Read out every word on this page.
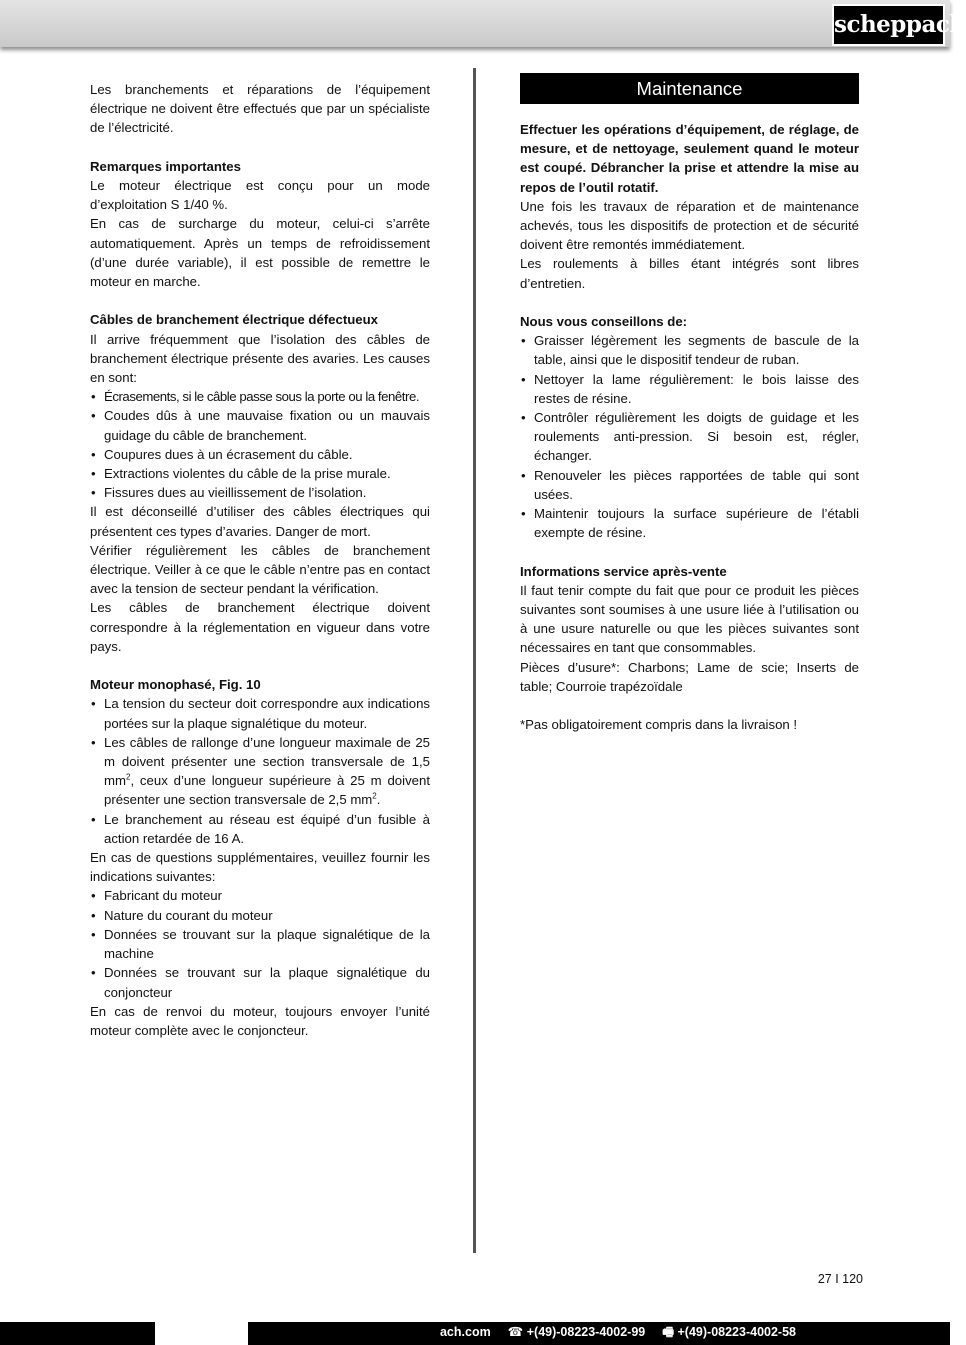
scheppach

Les branchements et réparations de l’équipement électrique ne doivent être effectués que par un spécialiste de l’électricité.

Remarques importantes

Le moteur électrique est conçu pour un mode d’exploitation S 1/40 %.

En cas de surcharge du moteur, celui-ci s’arrête automatiquement. Après un temps de refroidissement (d’une durée variable), il est possible de remettre le moteur en marche.

Câbles de branchement électrique défectueux

Il arrive fréquemment que l’isolation des câbles de branchement électrique présente des avaries. Les causes en sont:

• Écrasements, si le câble passe sous la porte ou la fenêtre.
• Coudes dûs à une mauvaise fixation ou un mauvais guidage du câble de branchement.
• Coupures dues à un écrasement du câble.
• Extractions violentes du câble de la prise murale.
• Fissures dues au vieillissement de l’isolation.

Il est déconseillé d’utiliser des câbles électriques qui présentent ces types d’avaries. Danger de mort.

Vérifier régulièrement les câbles de branchement électrique. Veiller à ce que le câble n’entre pas en contact avec la tension de secteur pendant la vérification.

Les câbles de branchement électrique doivent correspondre à la réglementation en vigueur dans votre pays.

Moteur monophasé, Fig. 10

• La tension du secteur doit correspondre aux indications portées sur la plaque signalétique du moteur.
• Les câbles de rallonge d’une longueur maximale de 25 m doivent présenter une section transversale de 1,5 $mm^2$, ceux d’une longueur supérieure à 25 m doivent présenter une section transversale de 2,5 $mm^2$.
• Le branchement au réseau est équipé d’un fusible à action retardée de 16 A.

En cas de questions supplémentaires, veuillez fournir les indications suivantes:

• Fabricant du moteur
• Nature du courant du moteur
• Données se trouvant sur la plaque signalétique de la machine
• Données se trouvant sur la plaque signalétique du conjoncteur

En cas de renvoi du moteur, toujours envoyer l’unité moteur complète avec le conjoncteur.

Maintenance

Effectuer les opérations d’équipement, de réglage, de mesure, et de nettoyage, seulement quand le moteur est coupé. Débrancher la prise et attendre la mise au repos de l’outil rotatif.

Une fois les travaux de réparation et de maintenance achevés, tous les dispositifs de protection et de sécurité doivent être remontés immédiatement.

Les roulements à billes étant intégrés sont libres d’entretien.

Nous vous conseillons de:

• Graisser légèrement les segments de bascule de la table, ainsi que le dispositif tendeur de ruban.
• Nettoyer la lame régulièrement: le bois laisse des restes de résine.
• Contrôler régulièrement les doigts de guidage et les roulements anti-pression. Si besoin est, régler, échanger.
• Renouveler les pièces rapportées de table qui sont usées.
• Maintenir toujours la surface supérieure de l’établi exempte de résine.

Informations service après-vente

Il faut tenir compte du fait que pour ce produit les pièces suivantes sont soumises à une usure liée à l’utilisation ou à une usure naturelle ou que les pièces suivantes sont nécessaires en tant que consommables.

Pièces d’usure*: Charbons; Lame de scie; Inserts de table; Courroie trapézoïdale

*Pas obligatoirement compris dans la livraison !

27 I 120
ach.com ☎ +(49)-08223-4002-99 🖷 +(49)-08223-4002-58
